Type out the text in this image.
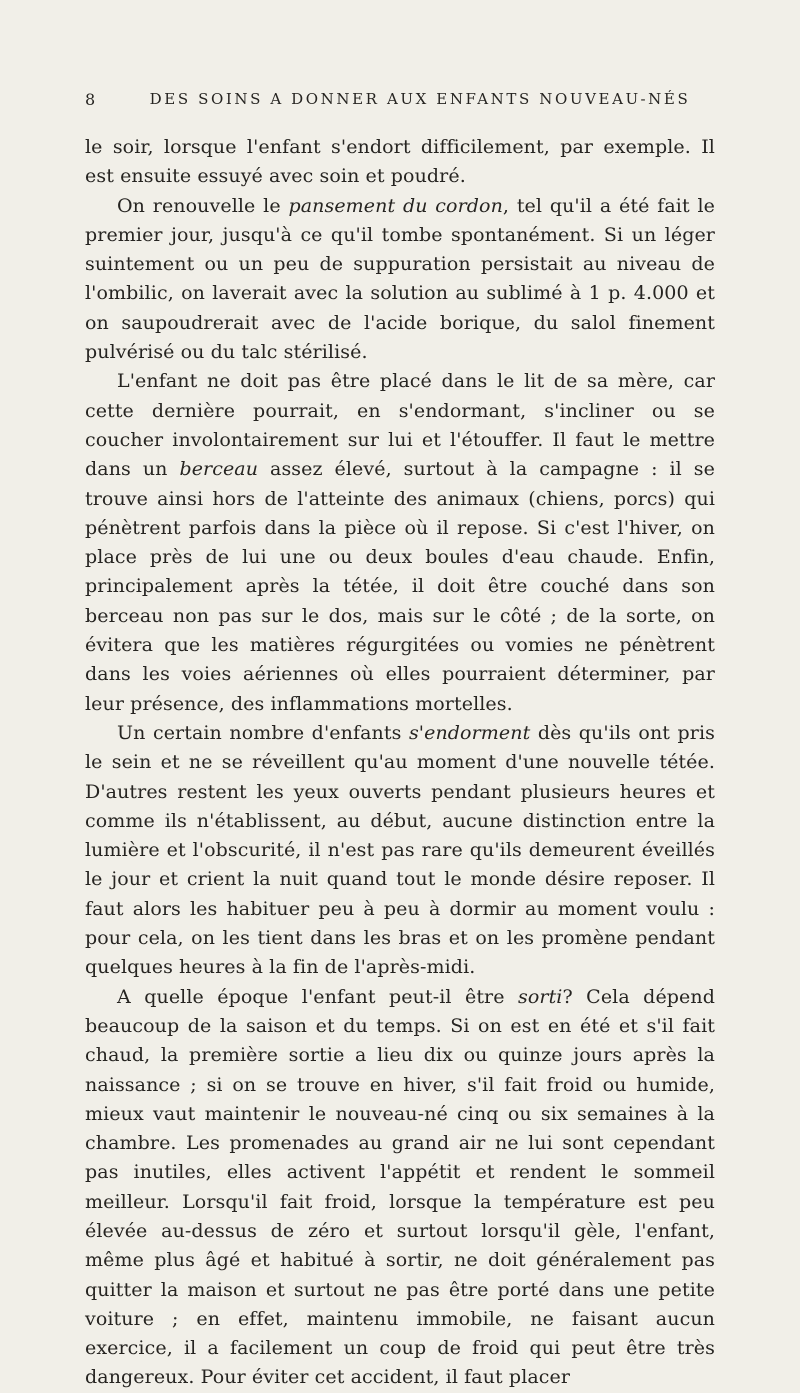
8	DES SOINS A DONNER AUX ENFANTS NOUVEAU-NÉS

le soir, lorsque l'enfant s'endort difficilement, par exemple. Il est ensuite essuyé avec soin et poudré.

On renouvelle le pansement du cordon, tel qu'il a été fait le premier jour, jusqu'à ce qu'il tombe spontanément. Si un léger suintement ou un peu de suppuration persistait au niveau de l'ombilic, on laverait avec la solution au sublimé à 1 p. 4.000 et on saupoudrerait avec de l'acide borique, du salol finement pulvérisé ou du talc stérilisé.

L'enfant ne doit pas être placé dans le lit de sa mère, car cette dernière pourrait, en s'endormant, s'incliner ou se coucher involontairement sur lui et l'étouffer. Il faut le mettre dans un berceau assez élevé, surtout à la campagne : il se trouve ainsi hors de l'atteinte des animaux (chiens, porcs) qui pénètrent parfois dans la pièce où il repose. Si c'est l'hiver, on place près de lui une ou deux boules d'eau chaude. Enfin, principalement après la tétée, il doit être couché dans son berceau non pas sur le dos, mais sur le côté ; de la sorte, on évitera que les matières régurgitées ou vomies ne pénètrent dans les voies aériennes où elles pourraient déterminer, par leur présence, des inflammations mortelles.

Un certain nombre d'enfants s'endorment dès qu'ils ont pris le sein et ne se réveillent qu'au moment d'une nouvelle tétée. D'autres restent les yeux ouverts pendant plusieurs heures et comme ils n'établissent, au début, aucune distinction entre la lumière et l'obscurité, il n'est pas rare qu'ils demeurent éveillés le jour et crient la nuit quand tout le monde désire reposer. Il faut alors les habituer peu à peu à dormir au moment voulu : pour cela, on les tient dans les bras et on les promène pendant quelques heures à la fin de l'après-midi.

A quelle époque l'enfant peut-il être sorti? Cela dépend beaucoup de la saison et du temps. Si on est en été et s'il fait chaud, la première sortie a lieu dix ou quinze jours après la naissance ; si on se trouve en hiver, s'il fait froid ou humide, mieux vaut maintenir le nouveau-né cinq ou six semaines à la chambre. Les promenades au grand air ne lui sont cependant pas inutiles, elles activent l'appétit et rendent le sommeil meilleur. Lorsqu'il fait froid, lorsque la température est peu élevée au-dessus de zéro et surtout lorsqu'il gèle, l'enfant, même plus âgé et habitué à sortir, ne doit généralement pas quitter la maison et surtout ne pas être porté dans une petite voiture ; en effet, maintenu immobile, ne faisant aucun exercice, il a facilement un coup de froid qui peut être très dangereux. Pour éviter cet accident, il faut placer
